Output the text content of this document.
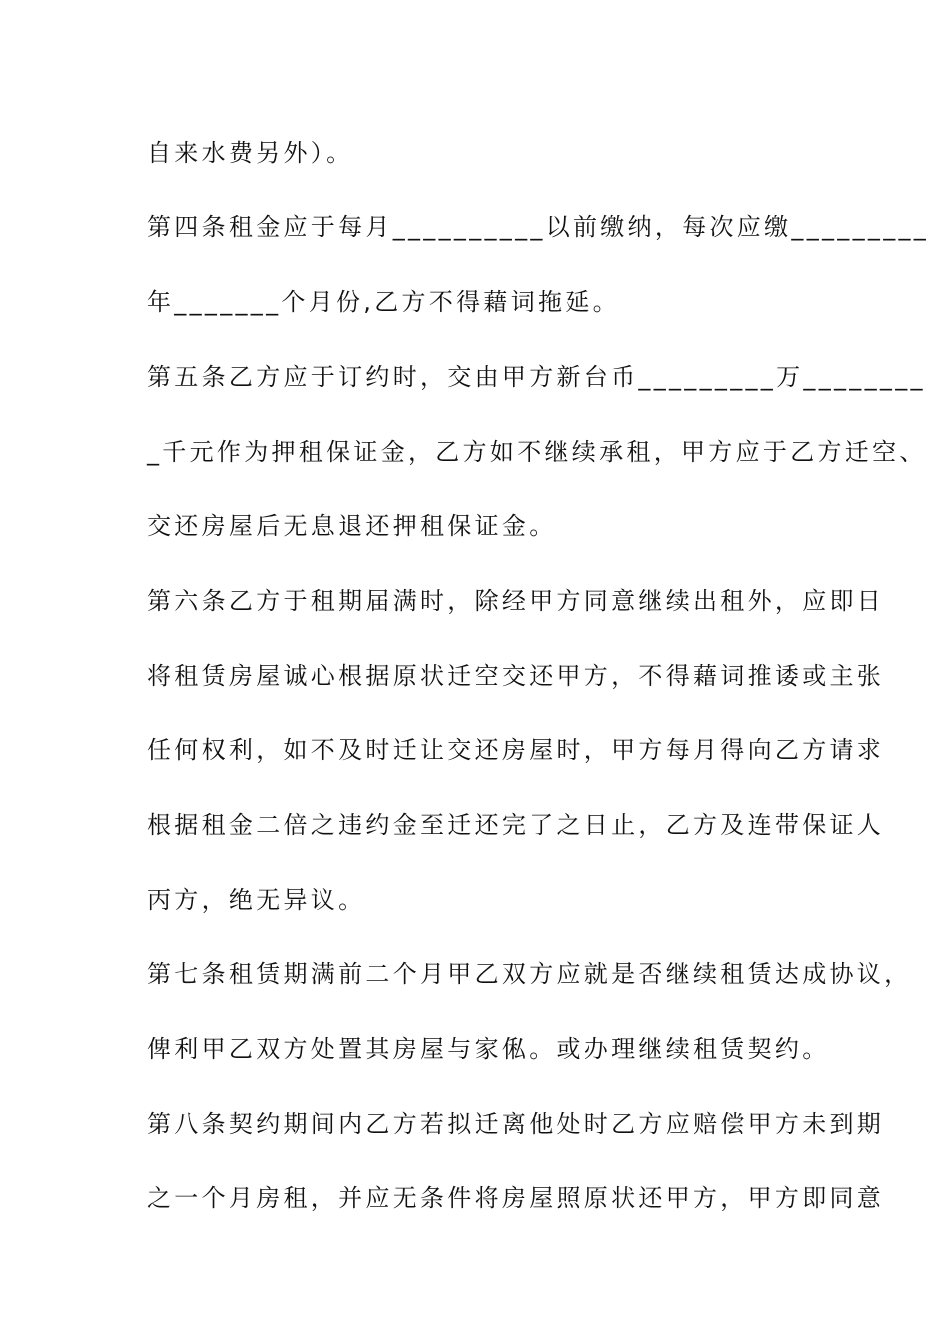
自来水费另外）。

第四条租金应于每月__________以前缴纳，每次应缴_________

年_______个月份,乙方不得藉词拖延。

第五条乙方应于订约时，交由甲方新台币_________万________

_千元作为押租保证金，乙方如不继续承租，甲方应于乙方迁空、

交还房屋后无息退还押租保证金。

第六条乙方于租期届满时，除经甲方同意继续出租外，应即日

将租赁房屋诚心根据原状迁空交还甲方，不得藉词推诿或主张

任何权利，如不及时迁让交还房屋时，甲方每月得向乙方请求

根据租金二倍之违约金至迁还完了之日止，乙方及连带保证人

丙方，绝无异议。

第七条租赁期满前二个月甲乙双方应就是否继续租赁达成协议，

俾利甲乙双方处置其房屋与家俬。或办理继续租赁契约。

第八条契约期间内乙方若拟迁离他处时乙方应赔偿甲方未到期

之一个月房租，并应无条件将房屋照原状还甲方，甲方即同意
